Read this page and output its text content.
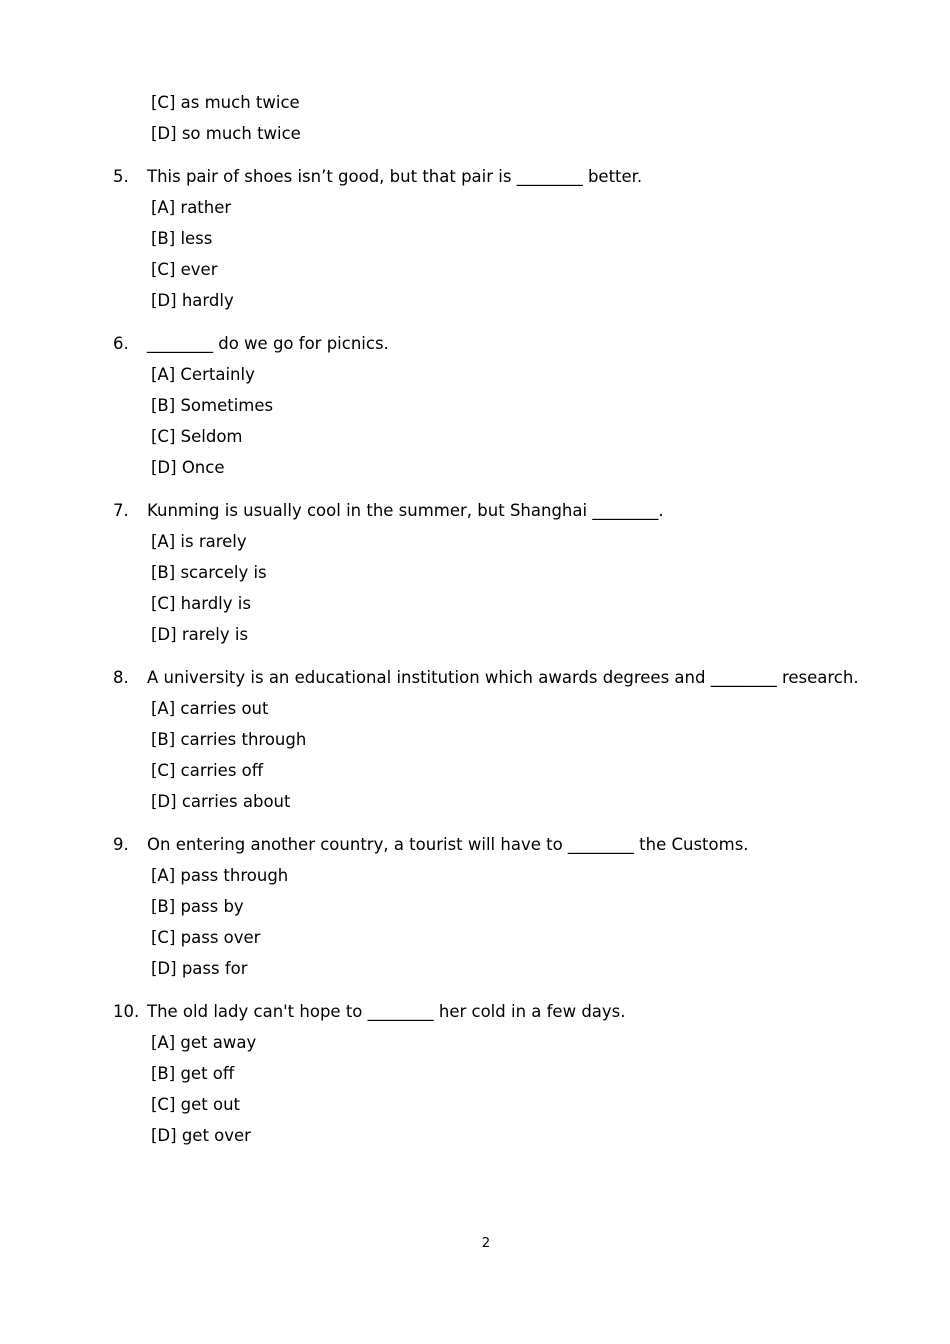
[C] as much twice
[D] so much twice
5.	This pair of shoes isn’t good, but that pair is ________ better.
[A] rather
[B] less
[C] ever
[D] hardly
6.	________ do we go for picnics.
[A] Certainly
[B] Sometimes
[C] Seldom
[D] Once
7.	Kunming is usually cool in the summer, but Shanghai ________.
[A] is rarely
[B] scarcely is
[C] hardly is
[D] rarely is
8.	A university is an educational institution which awards degrees and ________ research.
[A] carries out
[B] carries through
[C] carries off
[D] carries about
9.	On entering another country, a tourist will have to ________ the Customs.
[A] pass through
[B] pass by
[C] pass over
[D] pass for
10. The old lady can't hope to ________ her cold in a few days.
[A] get away
[B] get off
[C] get out
[D] get over
2
